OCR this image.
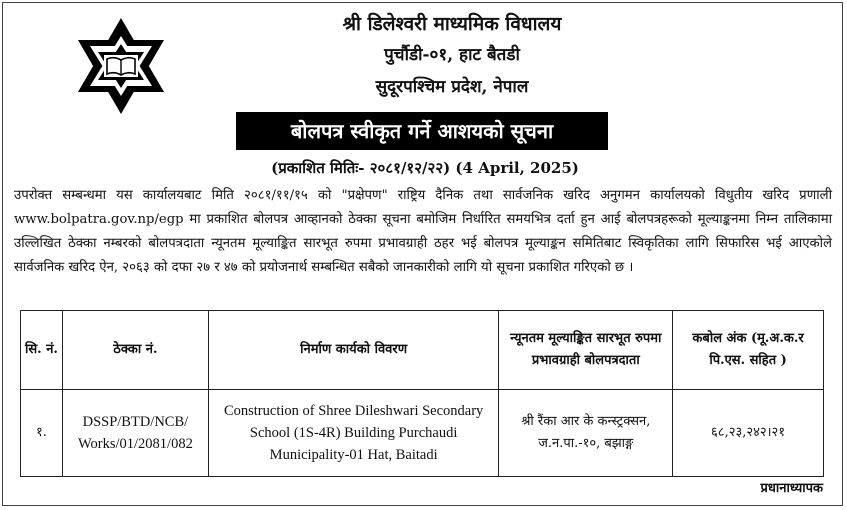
श्री डिलेश्वरी माध्यमिक विधालय
पुर्चौडी-०१, हाट बैतडी
सुदूरपश्चिम प्रदेश, नेपाल
बोलपत्र स्वीकृत गर्ने आशयको सूचना
(प्रकाशित मितिः- २०८१/१२/२२) (4 April, 2025)
उपरोक्त सम्बन्धमा यस कार्यालयबाट मिति २०८१/११/१५ को "प्रक्षेपण" राष्ट्रिय दैनिक तथा सार्वजनिक खरिद अनुगमन कार्यालयको विधुतीय खरिद प्रणाली www.bolpatra.gov.np/egp मा प्रकाशित बोलपत्र आव्हानको ठेक्का सूचना बमोजिम निर्धारित समयभित्र दर्ता हुन आई बोलपत्रहरूको मूल्याङ्कनमा निम्न तालिकामा उल्लिखित ठेक्का नम्बरको बोलपत्रदाता न्यूनतम मूल्याङ्कित सारभूत रुपमा प्रभावग्राही ठहर भई बोलपत्र मूल्याङ्कन समितिबाट स्विकृतिका लागि सिफारिस भई आएकोले सार्वजनिक खरिद ऐन, २०६३ को दफा २७ र ४७ को प्रयोजनार्थ सम्बन्धित सबैको जानकारीको लागि यो सूचना प्रकाशित गरिएको छ ।
सि. नं.	ठेक्का नं.	निर्माण कार्यको विवरण	न्यूनतम मूल्याङ्कित सारभूत रुपमा प्रभावग्राही बोलपत्रदाता	कबोल अंक (मू.अ.क.र पि.एस. सहित )
१.	DSSP/BTD/NCB/ Works/01/2081/082	Construction of Shree Dileshwari Secondary School (1S-4R) Building Purchaudi Municipality-01 Hat, Baitadi	श्री रैंका आर के कन्स्ट्रक्सन, ज.न.पा.-१०, बझाङ्ग	६८,२३,२४२।२१
प्रधानाध्यापक
